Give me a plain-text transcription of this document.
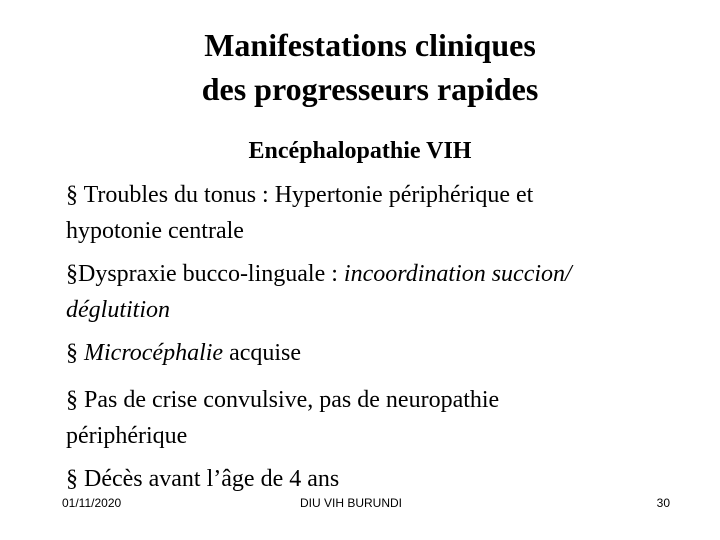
Manifestations cliniques
des progresseurs rapides
Encéphalopathie VIH
§ Troubles du tonus : Hypertonie périphérique et
hypotonie centrale
§Dyspraxie bucco-linguale : incoordination succion/
déglutition
§ Microcéphalie acquise
§ Pas de crise convulsive, pas de neuropathie
périphérique
§ Décès avant l’âge de 4 ans
01/11/2020	DIU VIH BURUNDI	30
